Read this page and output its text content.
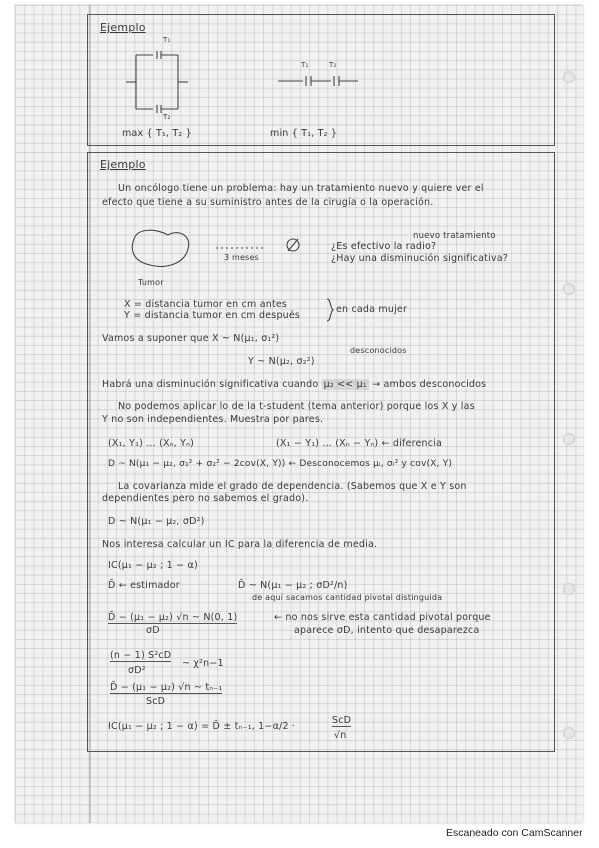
Ejemplo
T₁
T₂
T₁	T₂
max { T₁, T₂ }	min { T₁, T₂ }
Ejemplo
Un oncólogo tiene un problema: hay un tratamiento nuevo y quiere ver el
efecto que tiene a su suministro antes de la cirugía o la operación.
Tumor
3 meses
nuevo tratamiento
¿Es efectivo la radio?
¿Hay una disminución significativa?
X = distancia tumor en cm antes
Y = distancia tumor en cm después
en cada mujer
Vamos a suponer que X ~ N(μ₁, σ₁²)
desconocidos
Y ~ N(μ₂, σ₂²)
Habrá una disminución significativa cuando μ₂ << μ₁ → ambos desconocidos
No podemos aplicar lo de la t-student (tema anterior) porque los X y las
Y no son independientes. Muestra por pares.
(X₁, Y₁) ... (Xₙ, Yₙ)	(X₁ − Y₁) ... (Xₙ − Yₙ) ← diferencia
D ~ N(μ₁ − μ₂, σ₁² + σ₂² − 2cov(X, Y)) ← Desconocemos μᵢ, σᵢ² y cov(X, Y)
La covarianza mide el grado de dependencia. (Sabemos que X e Y son
dependientes pero no sabemos el grado).
D ~ N(μ₁ − μ₂, σD²)
Nos interesa calcular un IC para la diferencia de media.
IC(μ₁ − μ₂ ; 1 − α)
D̄ ← estimador	D̄ ~ N(μ₁ − μ₂ ; σD²/n)
de aquí sacamos cantidad pivotal distinguida
D̄ − (μ₁ − μ₂) √n ~ N(0, 1)
σD
← no nos sirve esta cantidad pivotal porque
aparece σD, intento que desaparezca
(n − 1) S²cD
σD²
~ χ²n−1
D̄ − (μ₁ − μ₂) √n ~ tₙ₋₁
ScD
IC(μ₁ − μ₂ ; 1 − α) = D̄ ± tₙ₋₁, 1−α/2 ·
ScD
√n
Escaneado con CamScanner
